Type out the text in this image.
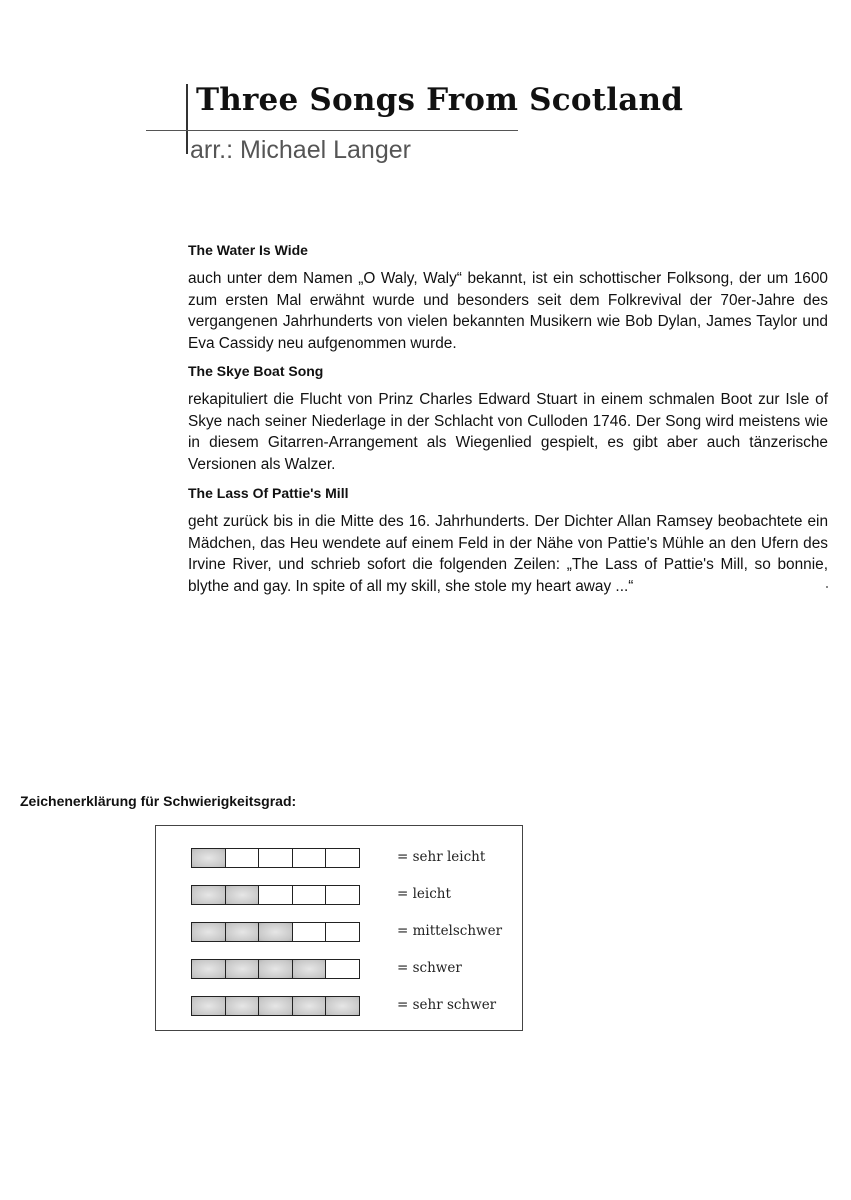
Three Songs From Scotland
arr.: Michael Langer
The Water Is Wide

auch unter dem Namen „O Waly, Waly“ bekannt, ist ein schottischer Folksong, der um 1600 zum ersten Mal erwähnt wurde und besonders seit dem Folkrevival der 70er-Jahre des vergangenen Jahrhunderts von vielen bekannten Musikern wie Bob Dylan, James Taylor und Eva Cassidy neu aufgenommen wurde.

The Skye Boat Song

rekapituliert die Flucht von Prinz Charles Edward Stuart in einem schmalen Boot zur Isle of Skye nach seiner Niederlage in der Schlacht von Culloden 1746. Der Song wird meistens wie in diesem Gitarren-Arrangement als Wiegenlied gespielt, es gibt aber auch tänzerische Versionen als Walzer.

The Lass Of Pattie's Mill

geht zurück bis in die Mitte des 16. Jahrhunderts. Der Dichter Allan Ramsey beobachtete ein Mädchen, das Heu wendete auf einem Feld in der Nähe von Pattie's Mühle an den Ufern des Irvine River, und schrieb sofort die folgenden Zeilen: „The Lass of Pattie's Mill, so bonnie, blythe and gay. In spite of all my skill, she stole my heart away ...“

Zeichenerklärung für Schwierigkeitsgrad:
= sehr leicht
= leicht
= mittelschwer
= schwer
= sehr schwer
